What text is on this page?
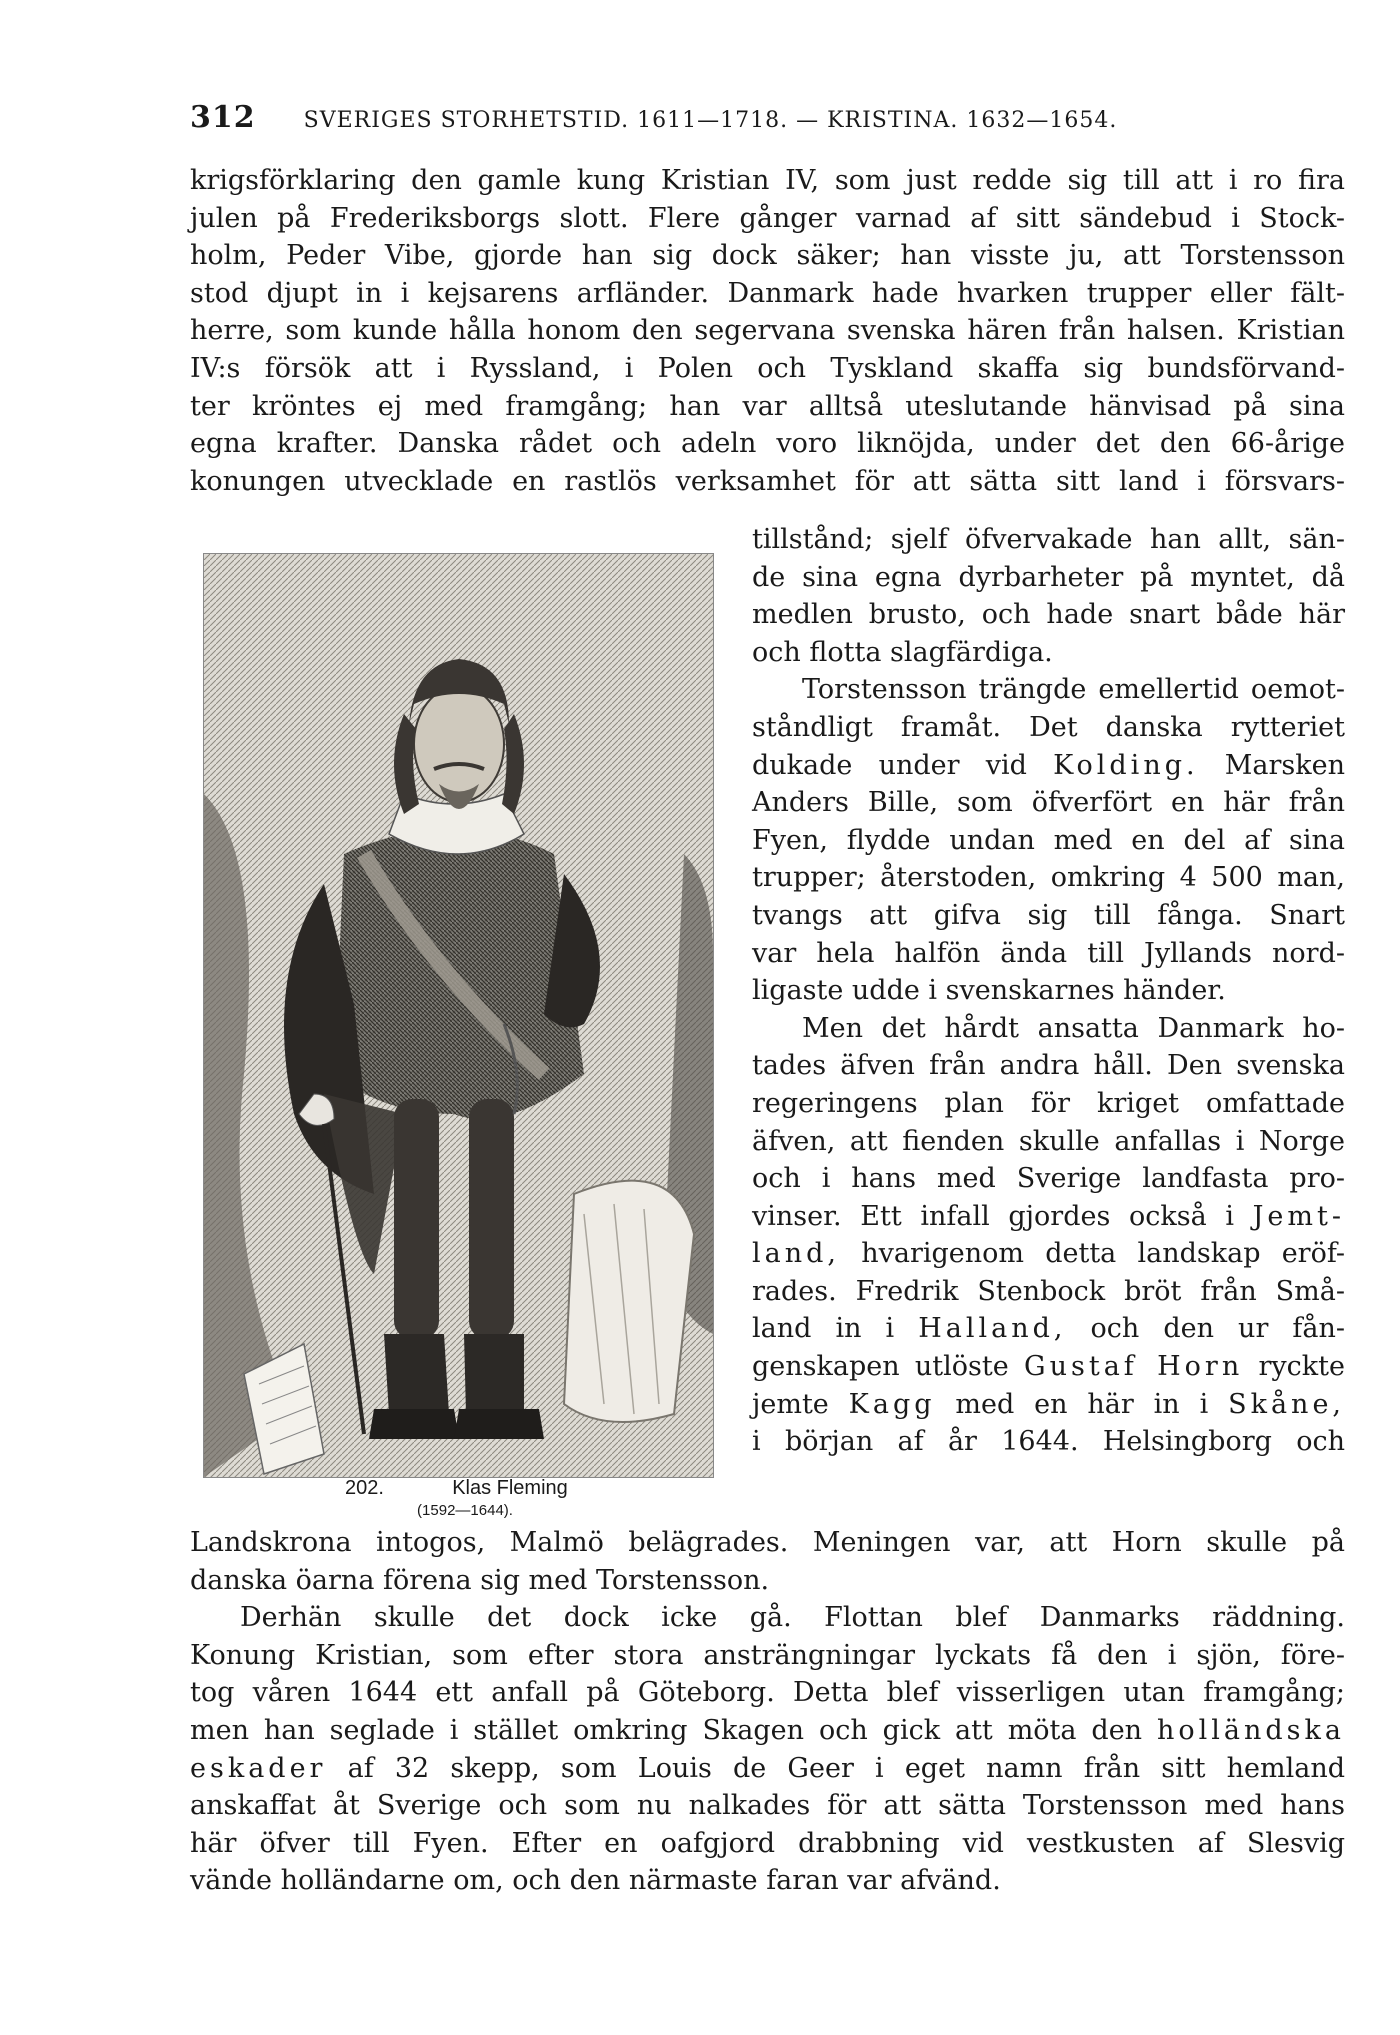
312 SVERIGES STORHETSTID. 1611—1718. — KRISTINA. 1632—1654.
krigsförklaring den gamle kung Kristian IV, som just redde sig till att i ro fira
julen på Frederiksborgs slott. Flere gånger varnad af sitt sändebud i Stock-
holm, Peder Vibe, gjorde han sig dock säker; han visste ju, att Torstensson
stod djupt in i kejsarens arfländer. Danmark hade hvarken trupper eller fält-
herre, som kunde hålla honom den segervana svenska hären från halsen. Kristian
IV:s försök att i Ryssland, i Polen och Tyskland skaffa sig bundsförvand-
ter kröntes ej med framgång; han var alltså uteslutande hänvisad på sina
egna krafter. Danska rådet och adeln voro liknöjda, under det den 66-årige
konungen utvecklade en rastlös verksamhet för att sätta sitt land i försvars-
202.	Klas Fleming
(1592—1644).
tillstånd; sjelf öfvervakade han allt, sän-
de sina egna dyrbarheter på myntet, då
medlen brusto, och hade snart både här
och flotta slagfärdiga.
Torstensson trängde emellertid oemot-
ståndligt framåt. Det danska rytteriet
dukade under vid Kolding. Marsken
Anders Bille, som öfverfört en här från
Fyen, flydde undan med en del af sina
trupper; återstoden, omkring 4 500 man,
tvangs att gifva sig till fånga. Snart
var hela halfön ända till Jyllands nord-
ligaste udde i svenskarnes händer.
Men det hårdt ansatta Danmark ho-
tades äfven från andra håll. Den svenska
regeringens plan för kriget omfattade
äfven, att fienden skulle anfallas i Norge
och i hans med Sverige landfasta pro-
vinser. Ett infall gjordes också i Jemt-
land, hvarigenom detta landskap eröf-
rades. Fredrik Stenbock bröt från Små-
land in i Halland, och den ur fån-
genskapen utlöste Gustaf Horn ryckte
jemte Kagg med en här in i Skåne,
i början af år 1644. Helsingborg och
Landskrona intogos, Malmö belägrades. Meningen var, att Horn skulle på
danska öarna förena sig med Torstensson.
Derhän skulle det dock icke gå. Flottan blef Danmarks räddning.
Konung Kristian, som efter stora ansträngningar lyckats få den i sjön, före-
tog våren 1644 ett anfall på Göteborg. Detta blef visserligen utan framgång;
men han seglade i stället omkring Skagen och gick att möta den holländska
eskader af 32 skepp, som Louis de Geer i eget namn från sitt hemland
anskaffat åt Sverige och som nu nalkades för att sätta Torstensson med hans
här öfver till Fyen. Efter en oafgjord drabbning vid vestkusten af Slesvig
vände holländarne om, och den närmaste faran var afvänd.
